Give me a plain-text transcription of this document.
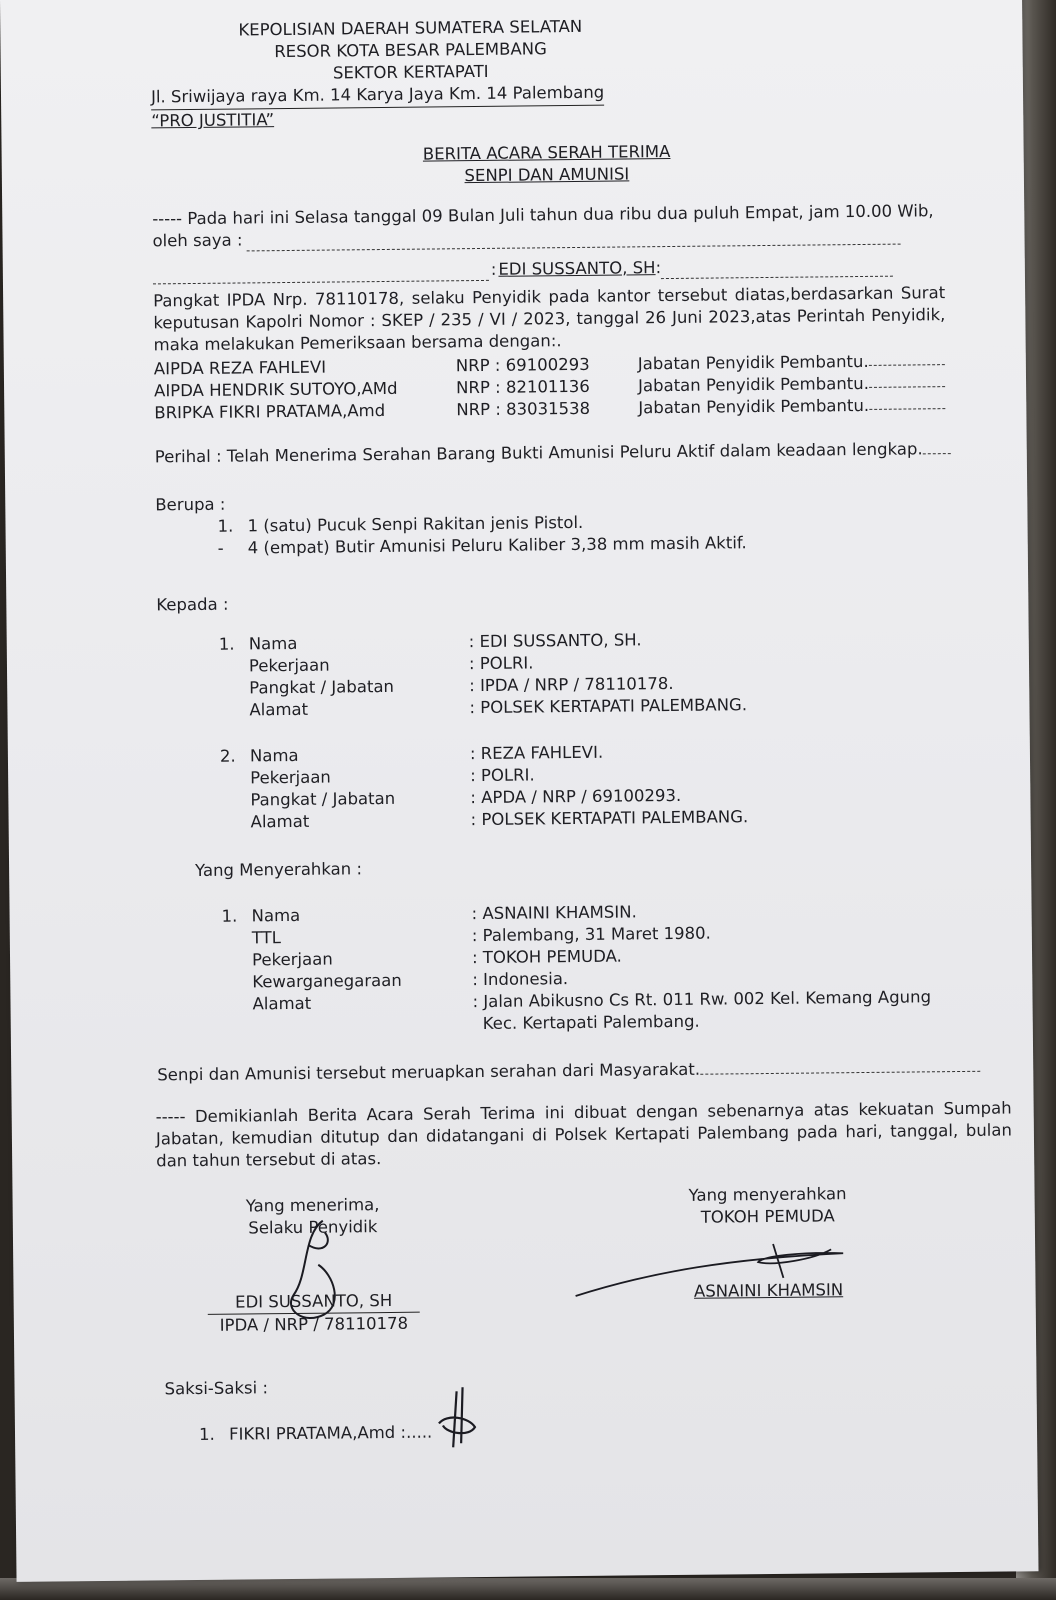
KEPOLISIAN DAERAH SUMATERA SELATAN
RESOR KOTA BESAR PALEMBANG
SEKTOR KERTAPATI
Jl. Sriwijaya raya Km. 14 Karya Jaya Km. 14 Palembang
“PRO JUSTITIA”
BERITA ACARA SERAH TERIMA
SENPI DAN AMUNISI
----- Pada hari ini Selasa tanggal 09 Bulan Juli tahun dua ribu dua puluh Empat, jam 10.00 Wib,
oleh saya :
: EDI SUSSANTO, SH :
Pangkat IPDA Nrp. 78110178, selaku Penyidik pada kantor tersebut diatas,berdasarkan Surat keputusan Kapolri Nomor : SKEP / 235 / VI / 2023, tanggal 26 Juni 2023,atas Perintah Penyidik, maka melakukan Pemeriksaan bersama dengan:.
AIPDA REZA FAHLEVI	NRP : 69100293	Jabatan Penyidik Pembantu.
AIPDA HENDRIK SUTOYO,AMd	NRP : 82101136	Jabatan Penyidik Pembantu.
BRIPKA FIKRI PRATAMA,Amd	NRP : 83031538	Jabatan Penyidik Pembantu.
Perihal : Telah Menerima Serahan Barang Bukti Amunisi Peluru Aktif dalam keadaan lengkap.
Berupa :
1. 1 (satu) Pucuk Senpi Rakitan jenis Pistol.
-	4 (empat) Butir Amunisi Peluru Kaliber 3,38 mm masih Aktif.
Kepada :
1. Nama	: EDI SUSSANTO, SH.
Pekerjaan	: POLRI.
Pangkat / Jabatan	: IPDA / NRP / 78110178.
Alamat	: POLSEK KERTAPATI PALEMBANG.
2. Nama	: REZA FAHLEVI.
Pekerjaan	: POLRI.
Pangkat / Jabatan	: APDA / NRP / 69100293.
Alamat	: POLSEK KERTAPATI PALEMBANG.
Yang Menyerahkan :
1. Nama	: ASNAINI KHAMSIN.
TTL	: Palembang, 31 Maret 1980.
Pekerjaan	: TOKOH PEMUDA.
Kewarganegaraan	: Indonesia.
Alamat	: Jalan Abikusno Cs Rt. 011 Rw. 002 Kel. Kemang Agung
Kec. Kertapati Palembang.
Senpi dan Amunisi tersebut meruapkan serahan dari Masyarakat.
----- Demikianlah Berita Acara Serah Terima ini dibuat dengan sebenarnya atas kekuatan Sumpah Jabatan, kemudian ditutup dan didatangani di Polsek Kertapati Palembang pada hari, tanggal, bulan dan tahun tersebut di atas.
Yang menerima,
Selaku Penyidik
EDI SUSSANTO, SH
IPDA / NRP / 78110178
Yang menyerahkan
TOKOH PEMUDA
ASNAINI KHAMSIN
Saksi-Saksi :
1. FIKRI PRATAMA,Amd : .....
